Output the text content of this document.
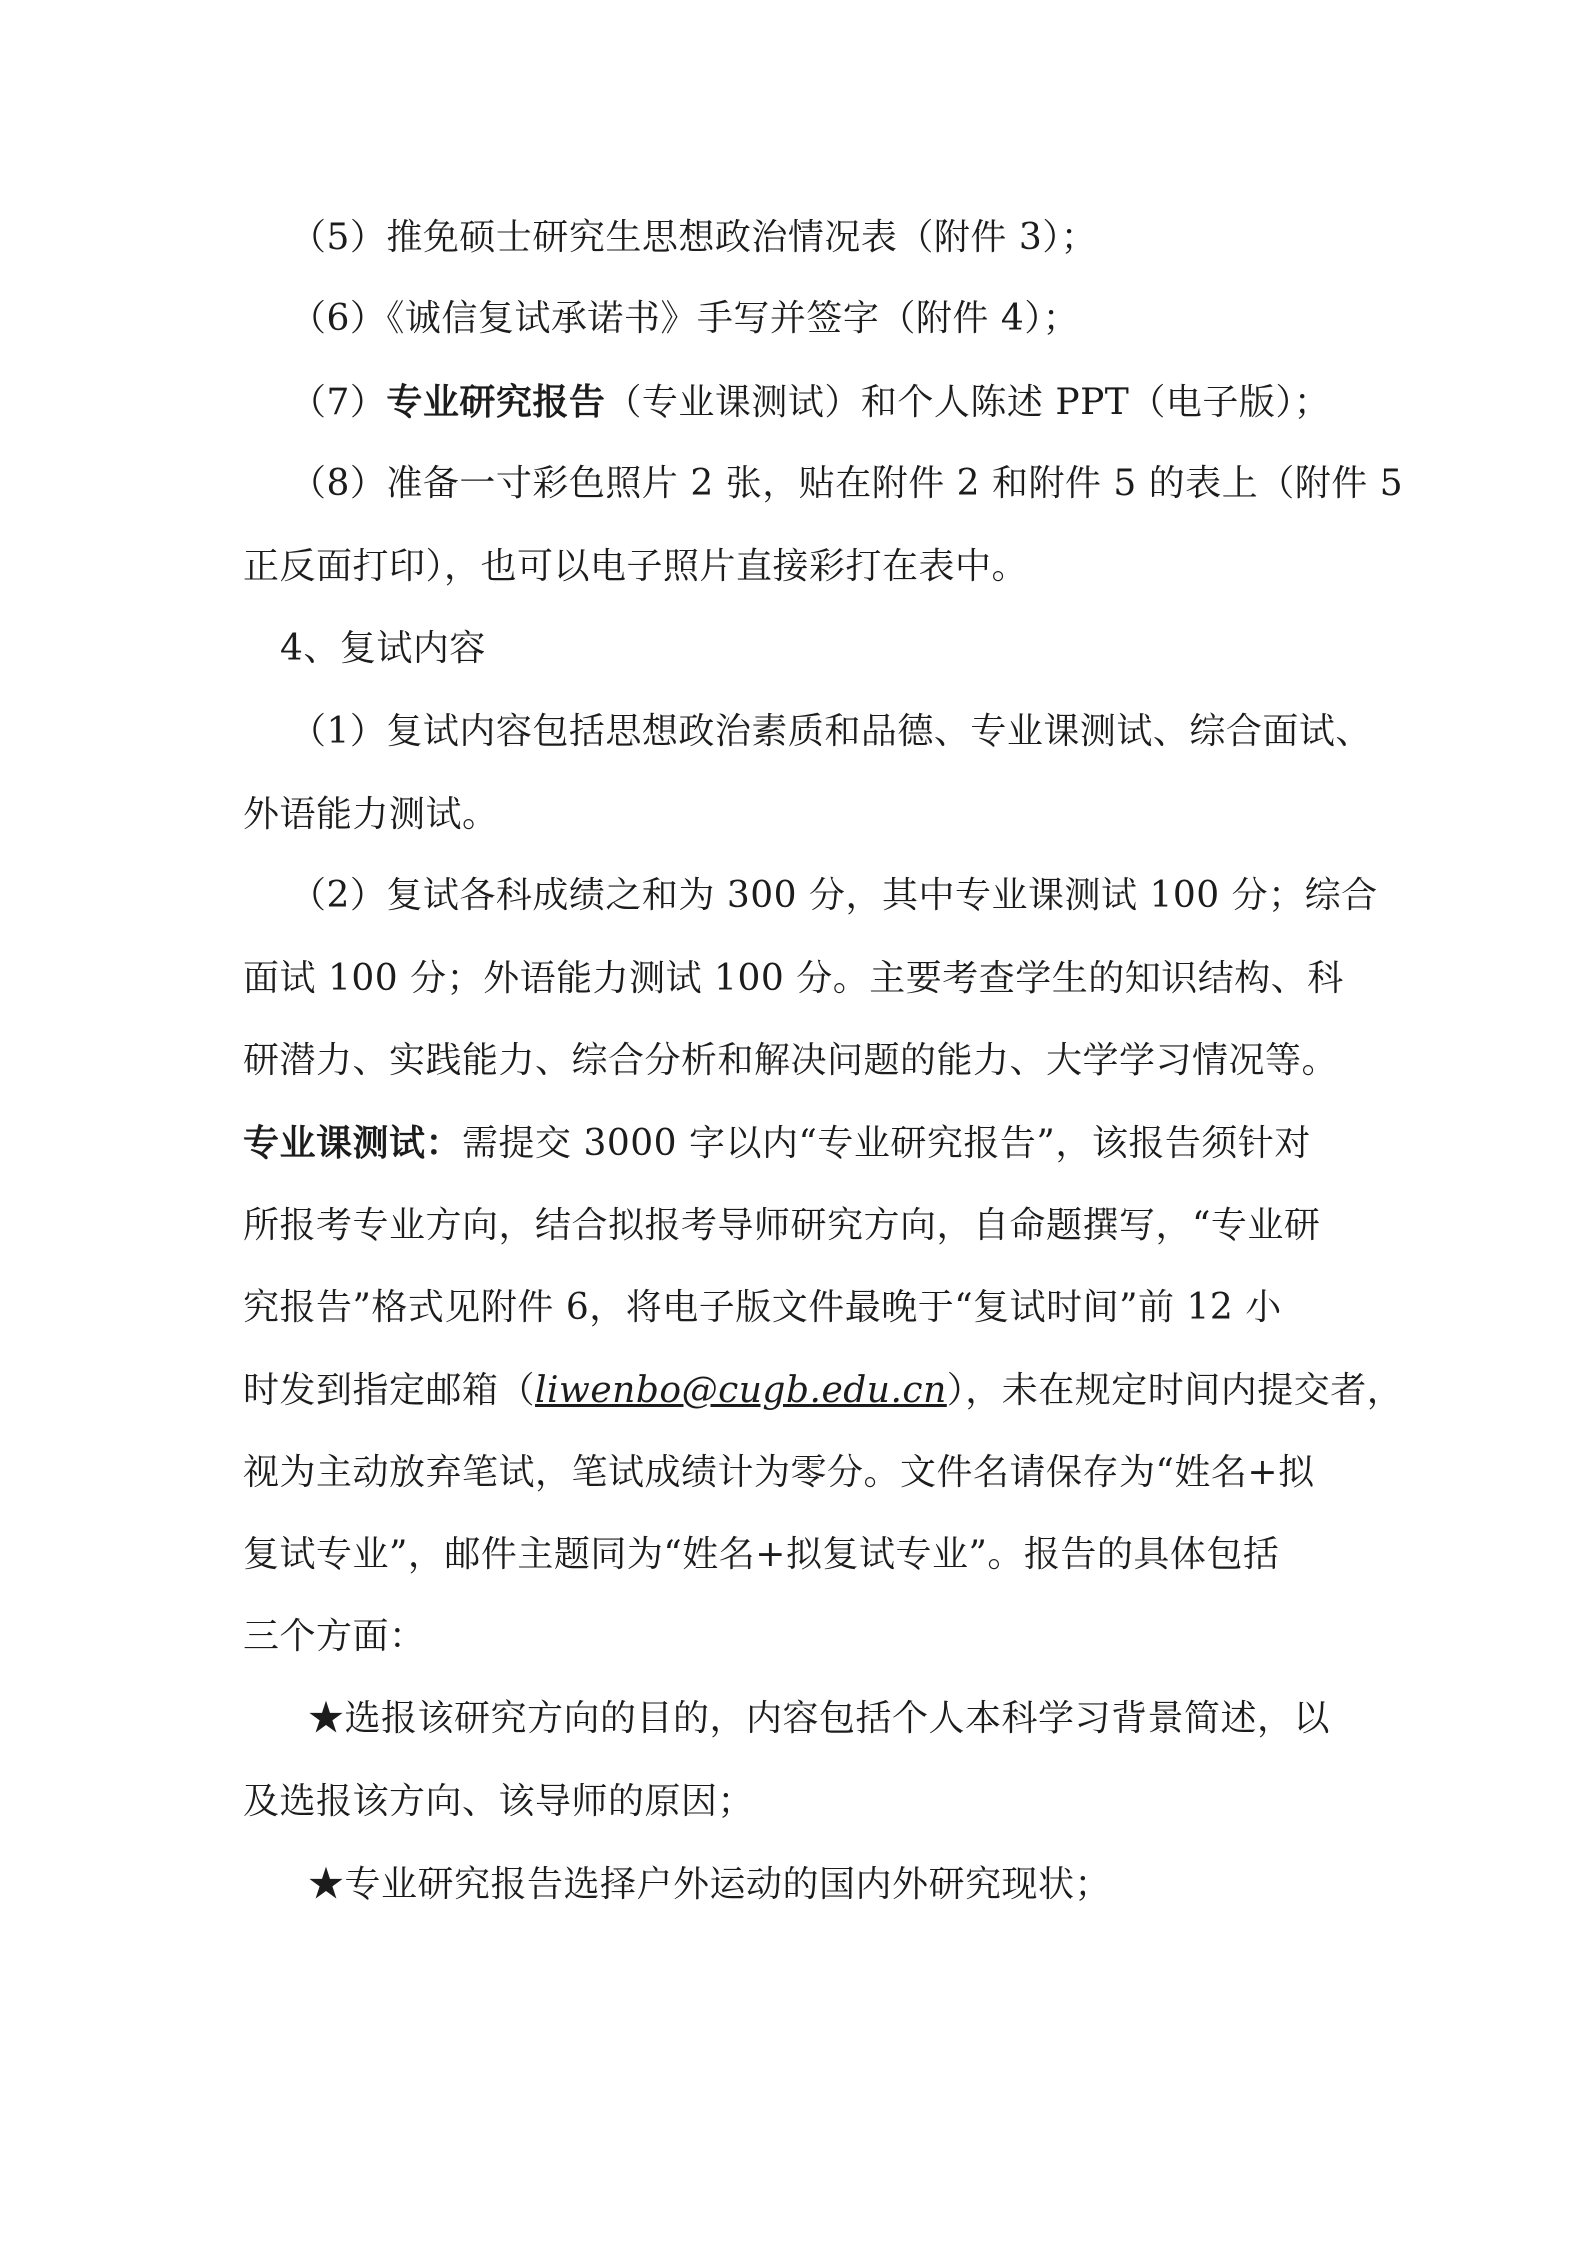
（5）推免硕士研究生思想政治情况表（附件 3）；
（6）《诚信复试承诺书》手写并签字（附件 4）；
（7）专业研究报告（专业课测试）和个人陈述 PPT（电子版）；
（8）准备一寸彩色照片 2 张，贴在附件 2 和附件 5 的表上（附件 5
正反面打印），也可以电子照片直接彩打在表中。
4、复试内容
（1）复试内容包括思想政治素质和品德、专业课测试、综合面试、
外语能力测试。
（2）复试各科成绩之和为 300 分，其中专业课测试 100 分；综合
面试 100 分；外语能力测试 100 分。主要考查学生的知识结构、科
研潜力、实践能力、综合分析和解决问题的能力、大学学习情况等。
专业课测试：需提交 3000 字以内“专业研究报告”，该报告须针对
所报考专业方向，结合拟报考导师研究方向，自命题撰写，“专业研
究报告”格式见附件 6，将电子版文件最晚于“复试时间”前 12 小
时发到指定邮箱（liwenbo@cugb.edu.cn），未在规定时间内提交者，
视为主动放弃笔试，笔试成绩计为零分。文件名请保存为“姓名+拟
复试专业”，邮件主题同为“姓名+拟复试专业”。报告的具体包括
三个方面：
★选报该研究方向的目的，内容包括个人本科学习背景简述，以
及选报该方向、该导师的原因；
★专业研究报告选择户外运动的国内外研究现状；
